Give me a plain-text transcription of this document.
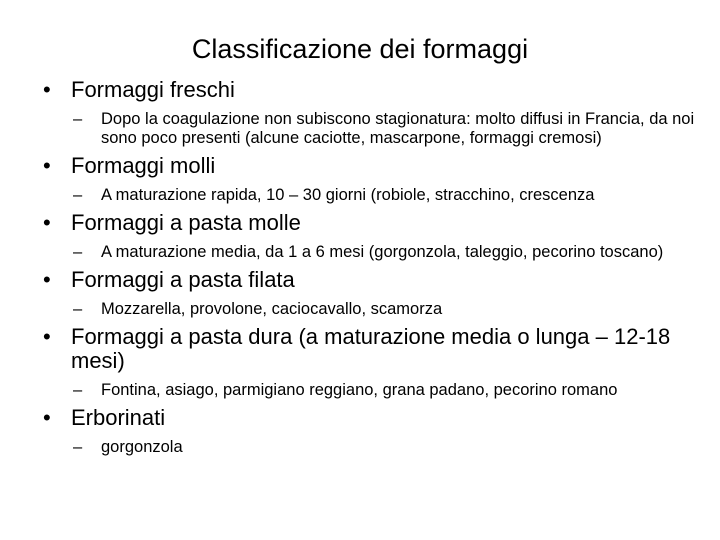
Classificazione dei formaggi
• Formaggi freschi
–	Dopo la coagulazione non subiscono stagionatura: molto diffusi in Francia, da noi sono poco presenti (alcune caciotte, mascarpone, formaggi cremosi)
• Formaggi molli
–	A maturazione rapida, 10 – 30 giorni (robiole, stracchino, crescenza
• Formaggi a pasta molle
–	A maturazione media, da 1 a 6 mesi (gorgonzola, taleggio, pecorino toscano)
• Formaggi a pasta filata
–	Mozzarella, provolone, caciocavallo, scamorza
• Formaggi a pasta dura (a maturazione media o lunga – 12-18 mesi)
–	Fontina, asiago, parmigiano reggiano, grana padano, pecorino romano
• Erborinati
–	gorgonzola
